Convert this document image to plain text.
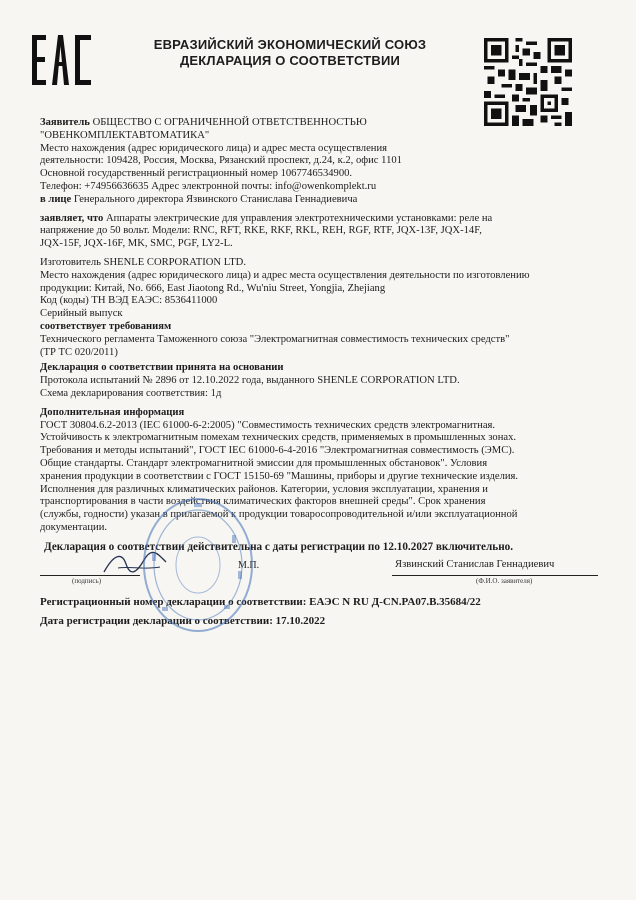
ЕВРАЗИЙСКИЙ ЭКОНОМИЧЕСКИЙ СОЮЗ
ДЕКЛАРАЦИЯ О СООТВЕТСТВИИ

Заявитель ОБЩЕСТВО С ОГРАНИЧЕННОЙ ОТВЕТСТВЕННОСТЬЮ

"ОВЕНКОМПЛЕКТАВТОМАТИКА"

Место нахождения (адрес юридического лица) и адрес места осуществления

деятельности: 109428, Россия, Москва, Рязанский проспект, д.24, к.2, офис 1101

Основной государственный регистрационный номер 1067746534900.

Телефон: +74956636635 Адрес электронной почты: info@owenkomplekt.ru

в лице Генерального директора Язвинского Станислава Геннадиевича

заявляет, что Аппараты электрические для управления электротехническими установками: реле на

напряжение до 50 вольт. Модели: RNC, RFT, RKE, RKF, RKL, REH, RGF, RTF, JQX-13F, JQX-14F,

JQX-15F, JQX-16F, MK, SMC, PGF, LY2-L.

Изготовитель SHENLE CORPORATION LTD.

Место нахождения (адрес юридического лица) и адрес места осуществления деятельности по изготовлению

продукции: Китай, No. 666, East Jiaotong Rd., Wu'niu Street, Yongjia, Zhejiang

Код (коды) ТН ВЭД ЕАЭС: 8536411000

Серийный выпуск

соответствует требованиям

Технического регламента Таможенного союза "Электромагнитная совместимость технических средств"

(ТР ТС 020/2011)

Декларация о соответствии принята на основании

Протокола испытаний № 2896 от 12.10.2022 года, выданного SHENLE CORPORATION LTD.

Схема декларирования соответствия: 1д

Дополнительная информация

ГОСТ 30804.6.2-2013 (IEC 61000-6-2:2005) "Совместимость технических средств электромагнитная.

Устойчивость к электромагнитным помехам технических средств, применяемых в промышленных зонах.

Требования и методы испытаний", ГОСТ IEC 61000-6-4-2016 "Электромагнитная совместимость (ЭМС).

Общие стандарты. Стандарт электромагнитной эмиссии для промышленных обстановок". Условия

хранения продукции в соответствии с ГОСТ 15150-69 "Машины, приборы и другие технические изделия.

Исполнения для различных климатических районов. Категории, условия эксплуатации, хранения и

транспортирования в части воздействия климатических факторов внешней среды". Срок хранения

(службы, годности) указан в прилагаемой к продукции товаросопроводительной и/или эксплуатационной

документации.

Декларация о соответствии действительна с даты регистрации по 12.10.2027 включительно.
(подпись)
М.П.	Язвинский Станислав Геннадиевич
(Ф.И.О. заявителя)
Регистрационный номер декларации о соответствии: ЕАЭС N RU Д-CN.PA07.B.35684/22
Дата регистрации декларации о соответствии: 17.10.2022
